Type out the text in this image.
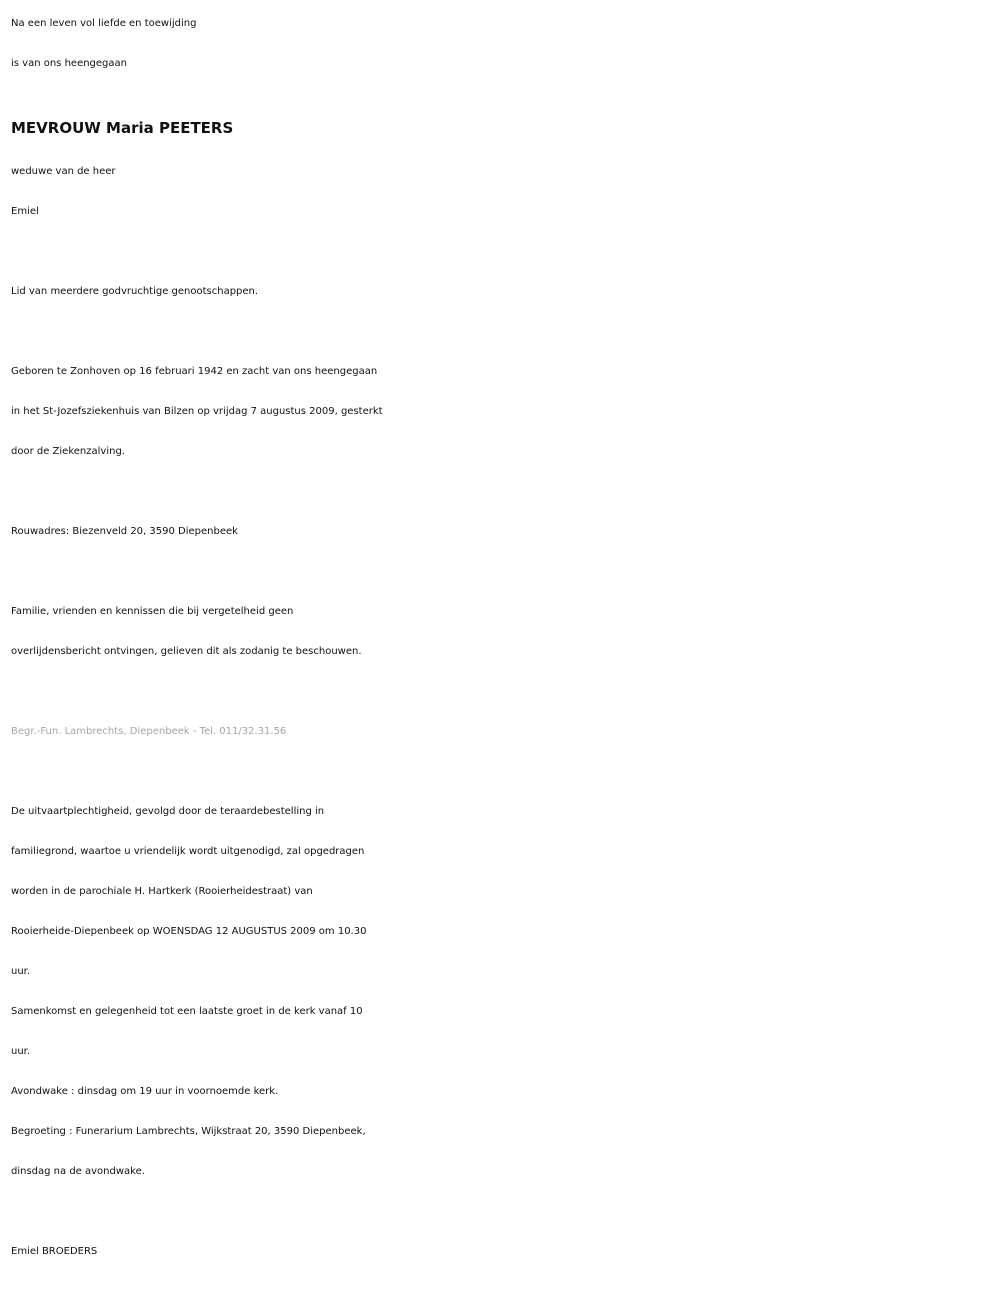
Na een leven vol liefde en toewijding
is van ons heengegaan
MEVROUW Maria PEETERS
weduwe van de heer
Emiel
Lid van meerdere godvruchtige genootschappen.
Geboren te Zonhoven op 16 februari 1942 en zacht van ons heengegaan
in het St-Jozefsziekenhuis van Bilzen op vrijdag 7 augustus 2009, gesterkt
door de Ziekenzalving.
Rouwadres: Biezenveld 20, 3590 Diepenbeek
Familie, vrienden en kennissen die bij vergetelheid geen
overlijdensbericht ontvingen, gelieven dit als zodanig te beschouwen.
Begr.-Fun. Lambrechts, Diepenbeek - Tel. 011/32.31.56
De uitvaartplechtigheid, gevolgd door de teraardebestelling in
familiegrond, waartoe u vriendelijk wordt uitgenodigd, zal opgedragen
worden in de parochiale H. Hartkerk (Rooierheidestraat) van
Rooierheide-Diepenbeek op WOENSDAG 12 AUGUSTUS 2009 om 10.30
uur.
Samenkomst en gelegenheid tot een laatste groet in de kerk vanaf 10
uur.
Avondwake : dinsdag om 19 uur in voornoemde kerk.
Begroeting : Funerarium Lambrechts, Wijkstraat 20, 3590 Diepenbeek,
dinsdag na de avondwake.
Emiel BROEDERS
